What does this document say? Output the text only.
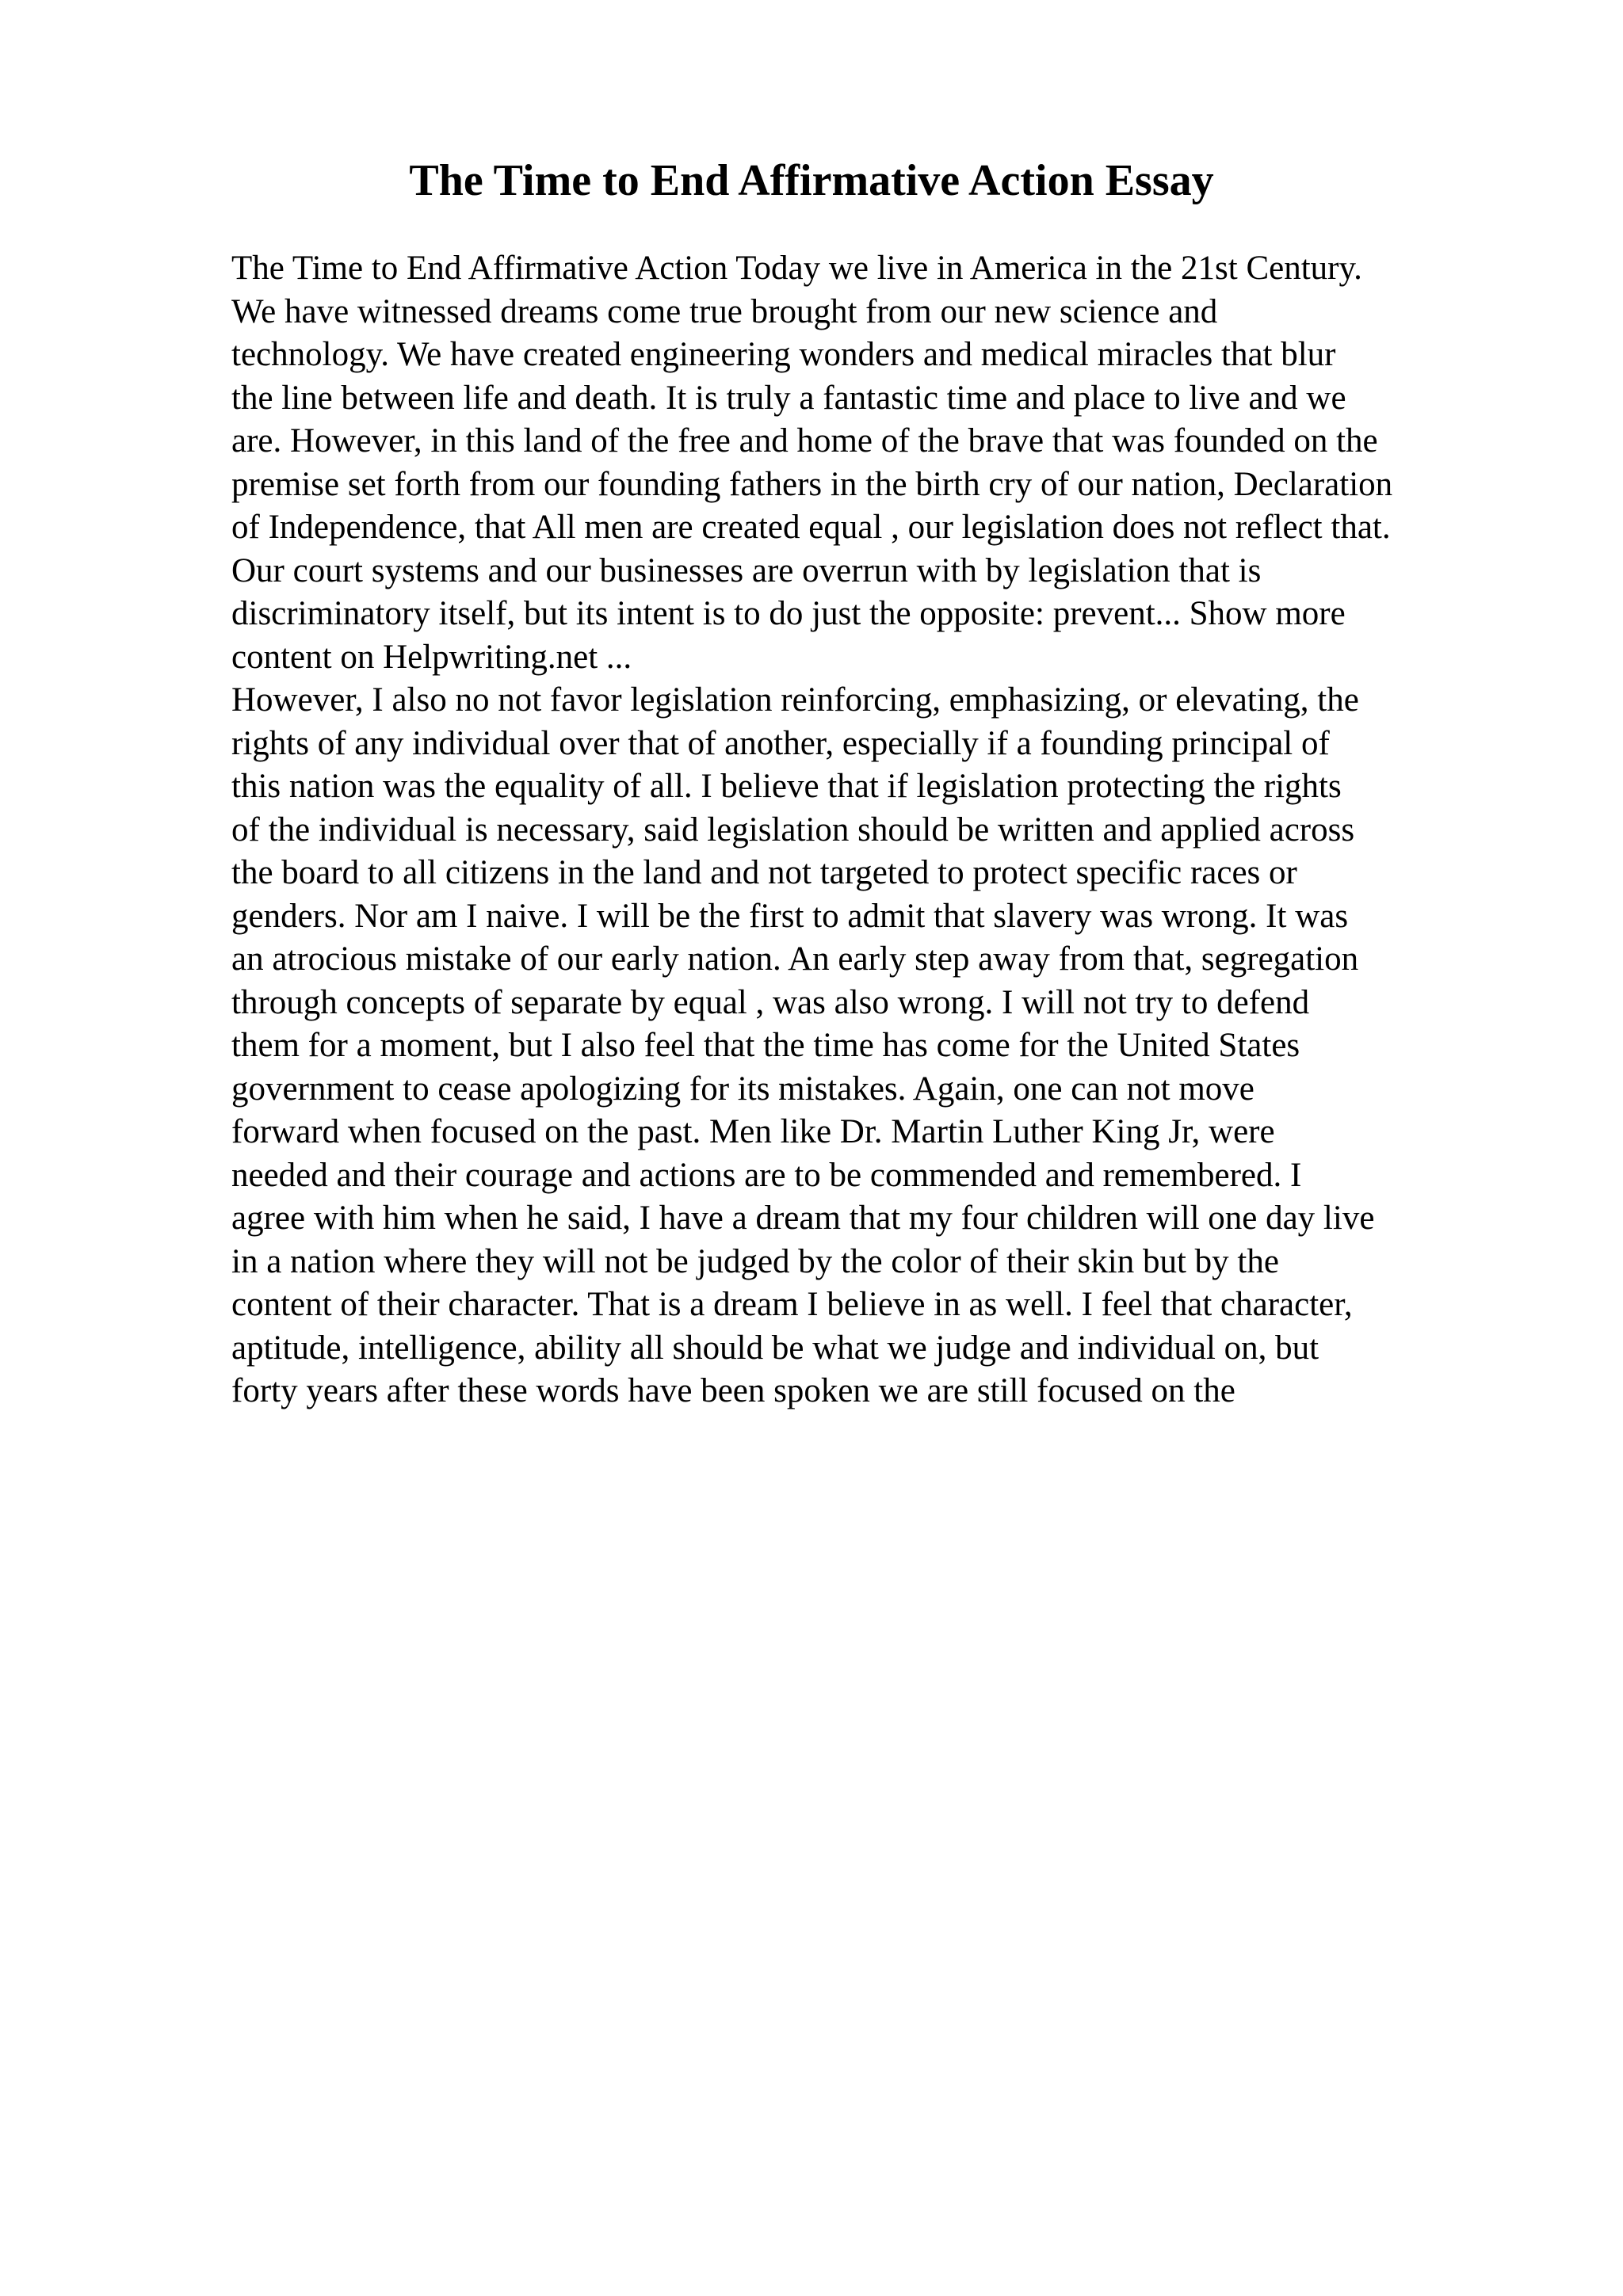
The Time to End Affirmative Action Essay
The Time to End Affirmative Action Today we live in America in the 21st Century.
We have witnessed dreams come true brought from our new science and
technology. We have created engineering wonders and medical miracles that blur
the line between life and death. It is truly a fantastic time and place to live and we
are. However, in this land of the free and home of the brave that was founded on the
premise set forth from our founding fathers in the birth cry of our nation, Declaration
of Independence, that All men are created equal , our legislation does not reflect that.
Our court systems and our businesses are overrun with by legislation that is
discriminatory itself, but its intent is to do just the opposite: prevent... Show more
content on Helpwriting.net ...
However, I also no not favor legislation reinforcing, emphasizing, or elevating, the
rights of any individual over that of another, especially if a founding principal of
this nation was the equality of all. I believe that if legislation protecting the rights
of the individual is necessary, said legislation should be written and applied across
the board to all citizens in the land and not targeted to protect specific races or
genders. Nor am I naive. I will be the first to admit that slavery was wrong. It was
an atrocious mistake of our early nation. An early step away from that, segregation
through concepts of separate by equal , was also wrong. I will not try to defend
them for a moment, but I also feel that the time has come for the United States
government to cease apologizing for its mistakes. Again, one can not move
forward when focused on the past. Men like Dr. Martin Luther King Jr, were
needed and their courage and actions are to be commended and remembered. I
agree with him when he said, I have a dream that my four children will one day live
in a nation where they will not be judged by the color of their skin but by the
content of their character. That is a dream I believe in as well. I feel that character,
aptitude, intelligence, ability all should be what we judge and individual on, but
forty years after these words have been spoken we are still focused on the
